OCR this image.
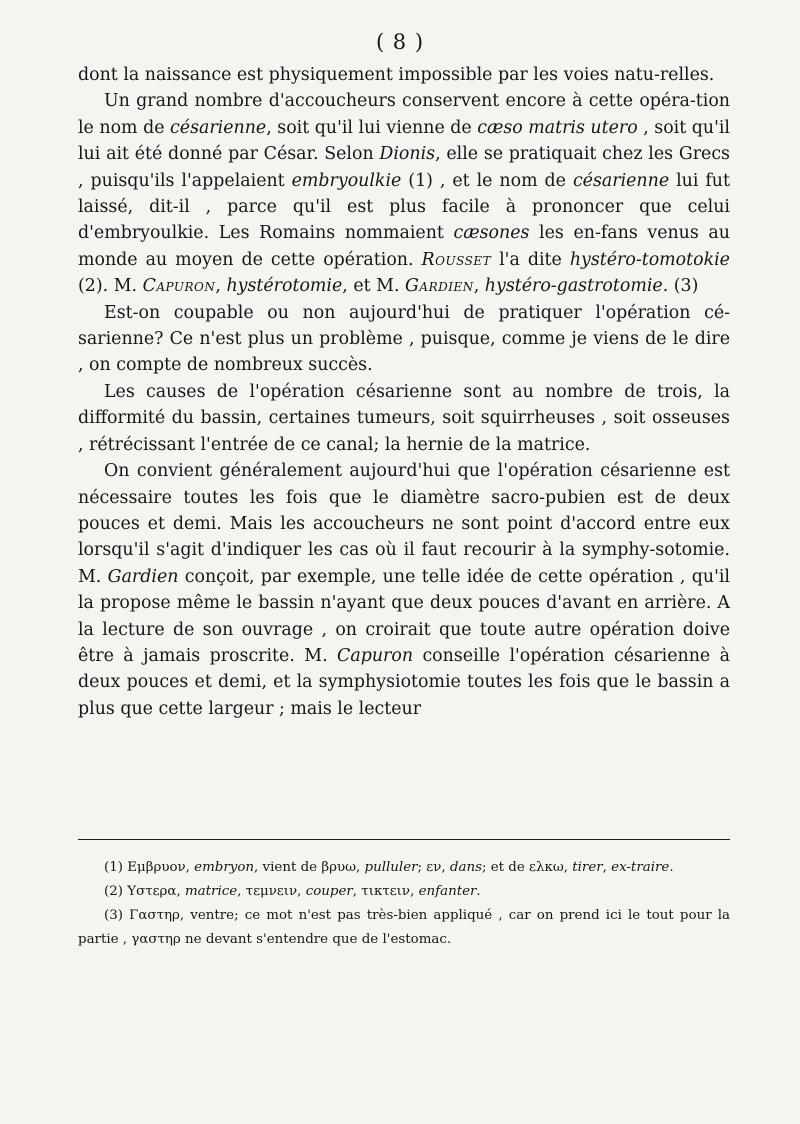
( 8 )

dont la naissance est physiquement impossible par les voies natu-relles.

Un grand nombre d'accoucheurs conservent encore à cette opéra-tion le nom de césarienne, soit qu'il lui vienne de cæso matris utero , soit qu'il lui ait été donné par César. Selon Dionis, elle se pratiquait chez les Grecs , puisqu'ils l'appelaient embryoulkie (1) , et le nom de césarienne lui fut laissé, dit-il , parce qu'il est plus facile à prononcer que celui d'embryoulkie. Les Romains nommaient cæsones les en-fans venus au monde au moyen de cette opération. Rousset l'a dite hystéro-tomotokie (2). M. Capuron, hystérotomie, et M. Gardien, hystéro-gastrotomie. (3)

Est-on coupable ou non aujourd'hui de pratiquer l'opération cé-sarienne? Ce n'est plus un problème , puisque, comme je viens de le dire , on compte de nombreux succès.

Les causes de l'opération césarienne sont au nombre de trois, la difformité du bassin, certaines tumeurs, soit squirrheuses , soit osseuses , rétrécissant l'entrée de ce canal; la hernie de la matrice.

On convient généralement aujourd'hui que l'opération césarienne est nécessaire toutes les fois que le diamètre sacro-pubien est de deux pouces et demi. Mais les accoucheurs ne sont point d'accord entre eux lorsqu'il s'agit d'indiquer les cas où il faut recourir à la symphy-sotomie. M. Gardien conçoit, par exemple, une telle idée de cette opération , qu'il la propose même le bassin n'ayant que deux pouces d'avant en arrière. A la lecture de son ouvrage , on croirait que toute autre opération doive être à jamais proscrite. M. Capuron conseille l'opération césarienne à deux pouces et demi, et la symphysiotomie toutes les fois que le bassin a plus que cette largeur ; mais le lecteur

(1) Εμβρυον, embryon, vient de βρυω, pulluler; εν, dans; et de ελκω, tirer, ex-traire.

(2) Υστερα, matrice, τεμνειν, couper, τικτειν, enfanter.

(3) Γαστηρ, ventre; ce mot n'est pas très-bien appliqué , car on prend ici le tout pour la partie , γαστηρ ne devant s'entendre que de l'estomac.
